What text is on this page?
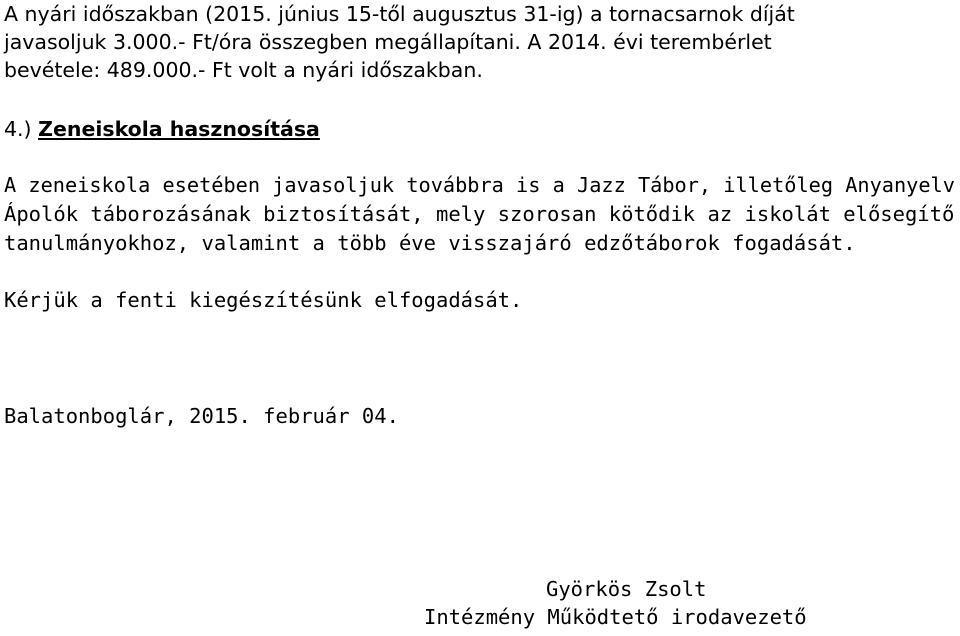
A nyári időszakban (2015. június 15-től augusztus 31-ig) a tornacsarnok díját
javasoljuk 3.000.- Ft/óra összegben megállapítani. A 2014. évi terembérlet
bevétele: 489.000.- Ft volt a nyári időszakban.
4.) Zeneiskola hasznosítása
A zeneiskola esetében javasoljuk továbbra is a Jazz Tábor, illetőleg Anyanyelv
Ápolók táborozásának biztosítását, mely szorosan kötődik az iskolát elősegítő
tanulmányokhoz, valamint a több éve visszajáró edzőtáborok fogadását.
Kérjük a fenti kiegészítésünk elfogadását.
Balatonboglár, 2015. február 04.
Györkös Zsolt
Intézmény Működtető irodavezető
